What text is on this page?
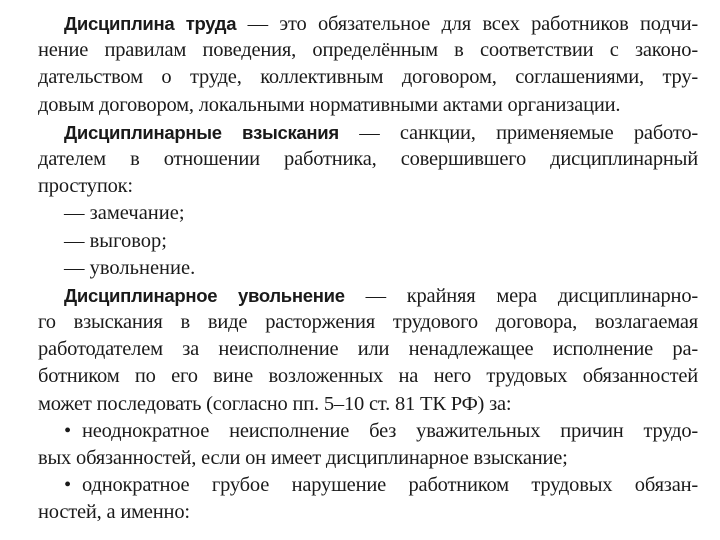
Дисциплина труда — это обязательное для всех работников подчи-
нение правилам поведения, определённым в соответствии с законо-
дательством о труде, коллективным договором, соглашениями, тру-
довым договором, локальными нормативными актами организации.
Дисциплинарные взыскания — санкции, применяемые работо-
дателем в отношении работника, совершившего дисциплинарный
проступок:
— замечание;
— выговор;
— увольнение.
Дисциплинарное увольнение — крайняя мера дисциплинарно-
го взыскания в виде расторжения трудового договора, возлагаемая
работодателем за неисполнение или ненадлежащее исполнение ра-
ботником по его вине возложенных на него трудовых обязанностей
может последовать (согласно пп. 5–10 ст. 81 ТК РФ) за:
• неоднократное неисполнение без уважительных причин трудо-
вых обязанностей, если он имеет дисциплинарное взыскание;
• однократное грубое нарушение работником трудовых обязан-
ностей, а именно:
